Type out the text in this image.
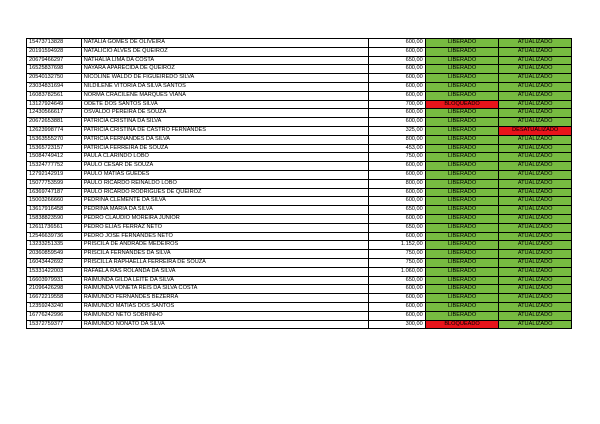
15473713828	NATALIA GOMES DE OLIVEIRA	600,00	LIBERADO	ATUALIZADO
20191594928	NATALICIO ALVES DE QUEIROZ	600,00	LIBERADO	ATUALIZADO
20679466297	NATHALIA LIMA DA COSTA	650,00	LIBERADO	ATUALIZADO
16525837698	NAYARA APARECIDA DE QUEIROZ	600,00	LIBERADO	ATUALIZADO
20540132750	NICOLINE WALDO DE FIGUEIREDO SILVA	600,00	LIBERADO	ATUALIZADO
23034831694	NILDILENE VITORIA DA SILVA SANTOS	600,00	LIBERADO	ATUALIZADO
16083782561	NORMA CRACILENE MARQUES VIANA	600,00	LIBERADO	ATUALIZADO
13127924649	ODETE DOS SANTOS SILVA	700,00	BLOQUEADO	ATUALIZADO
12430566617	OSVALDO PEREIRA DE SOUZA	600,00	LIBERADO	ATUALIZADO
20672653881	PATRICIA CRISTINA DA SILVA	600,00	LIBERADO	ATUALIZADO
12623998774	PATRICIA CRISTINA DE CASTRO FERNANDES	325,00	LIBERADO	DESATUALIZADO
15363555270	PATRICIA FERNANDES DA SILVA	800,00	LIBERADO	ATUALIZADO
15365723157	PATRICIA FERREIRA DE SOUZA	453,00	LIBERADO	ATUALIZADO
15084749412	PAULA CLARINDO LOBO	750,00	LIBERADO	ATUALIZADO
15324777752	PAULO CESAR DE SOUZA	600,00	LIBERADO	ATUALIZADO
12792142919	PAULO MATIAS GUEDES	600,00	LIBERADO	ATUALIZADO
15077753599	PAULO RICARDO REINALDO LOBO	800,00	LIBERADO	ATUALIZADO
16369747187	PAULO RICARDO RODRIGUES DE QUEIROZ	600,00	LIBERADO	ATUALIZADO
15003266660	PEDRINA CLEMENTE DA SILVA	600,00	LIBERADO	ATUALIZADO
13617916458	PEDRINA MARIA DA SILVA	650,00	LIBERADO	ATUALIZADO
15838823590	PEDRO CLAUDIO MOREIRA JUNIOR	600,00	LIBERADO	ATUALIZADO
12611736561	PEDRO ELIAS FERRAZ NETO	650,00	LIBERADO	ATUALIZADO
12546639736	PEDRO JOSE FERNANDES NETO	600,00	LIBERADO	ATUALIZADO
13233251335	PRISCILA DE ANDRADE MEDEIROS	1.152,00	LIBERADO	ATUALIZADO
20360859549	PRISCILA FERNANDES DA SILVA	750,00	LIBERADO	ATUALIZADO
16043442692	PRISCILLA RAPHAELLA FERREIRA DE SOUZA	750,00	LIBERADO	ATUALIZADO
15331422003	RAFAELA RAS ROLANDA DA SILVA	1.060,00	LIBERADO	ATUALIZADO
16603979931	RAIMUNDA GILDA LEITE DA SILVA	650,00	LIBERADO	ATUALIZADO
21096426298	RAIMUNDA VONETA REIS DA SILVA COSTA	600,00	LIBERADO	ATUALIZADO
16672219558	RAIMUNDO FERNANDES BEZERRA	600,00	LIBERADO	ATUALIZADO
12359243240	RAIMUNDO MATIAS DOS SANTOS	600,00	LIBERADO	ATUALIZADO
16776242996	RAIMUNDO NETO SOBRINHO	600,00	LIBERADO	ATUALIZADO
15372759377	RAIMUNDO NONATO DA SILVA	300,00	BLOQUEADO	ATUALIZADO
